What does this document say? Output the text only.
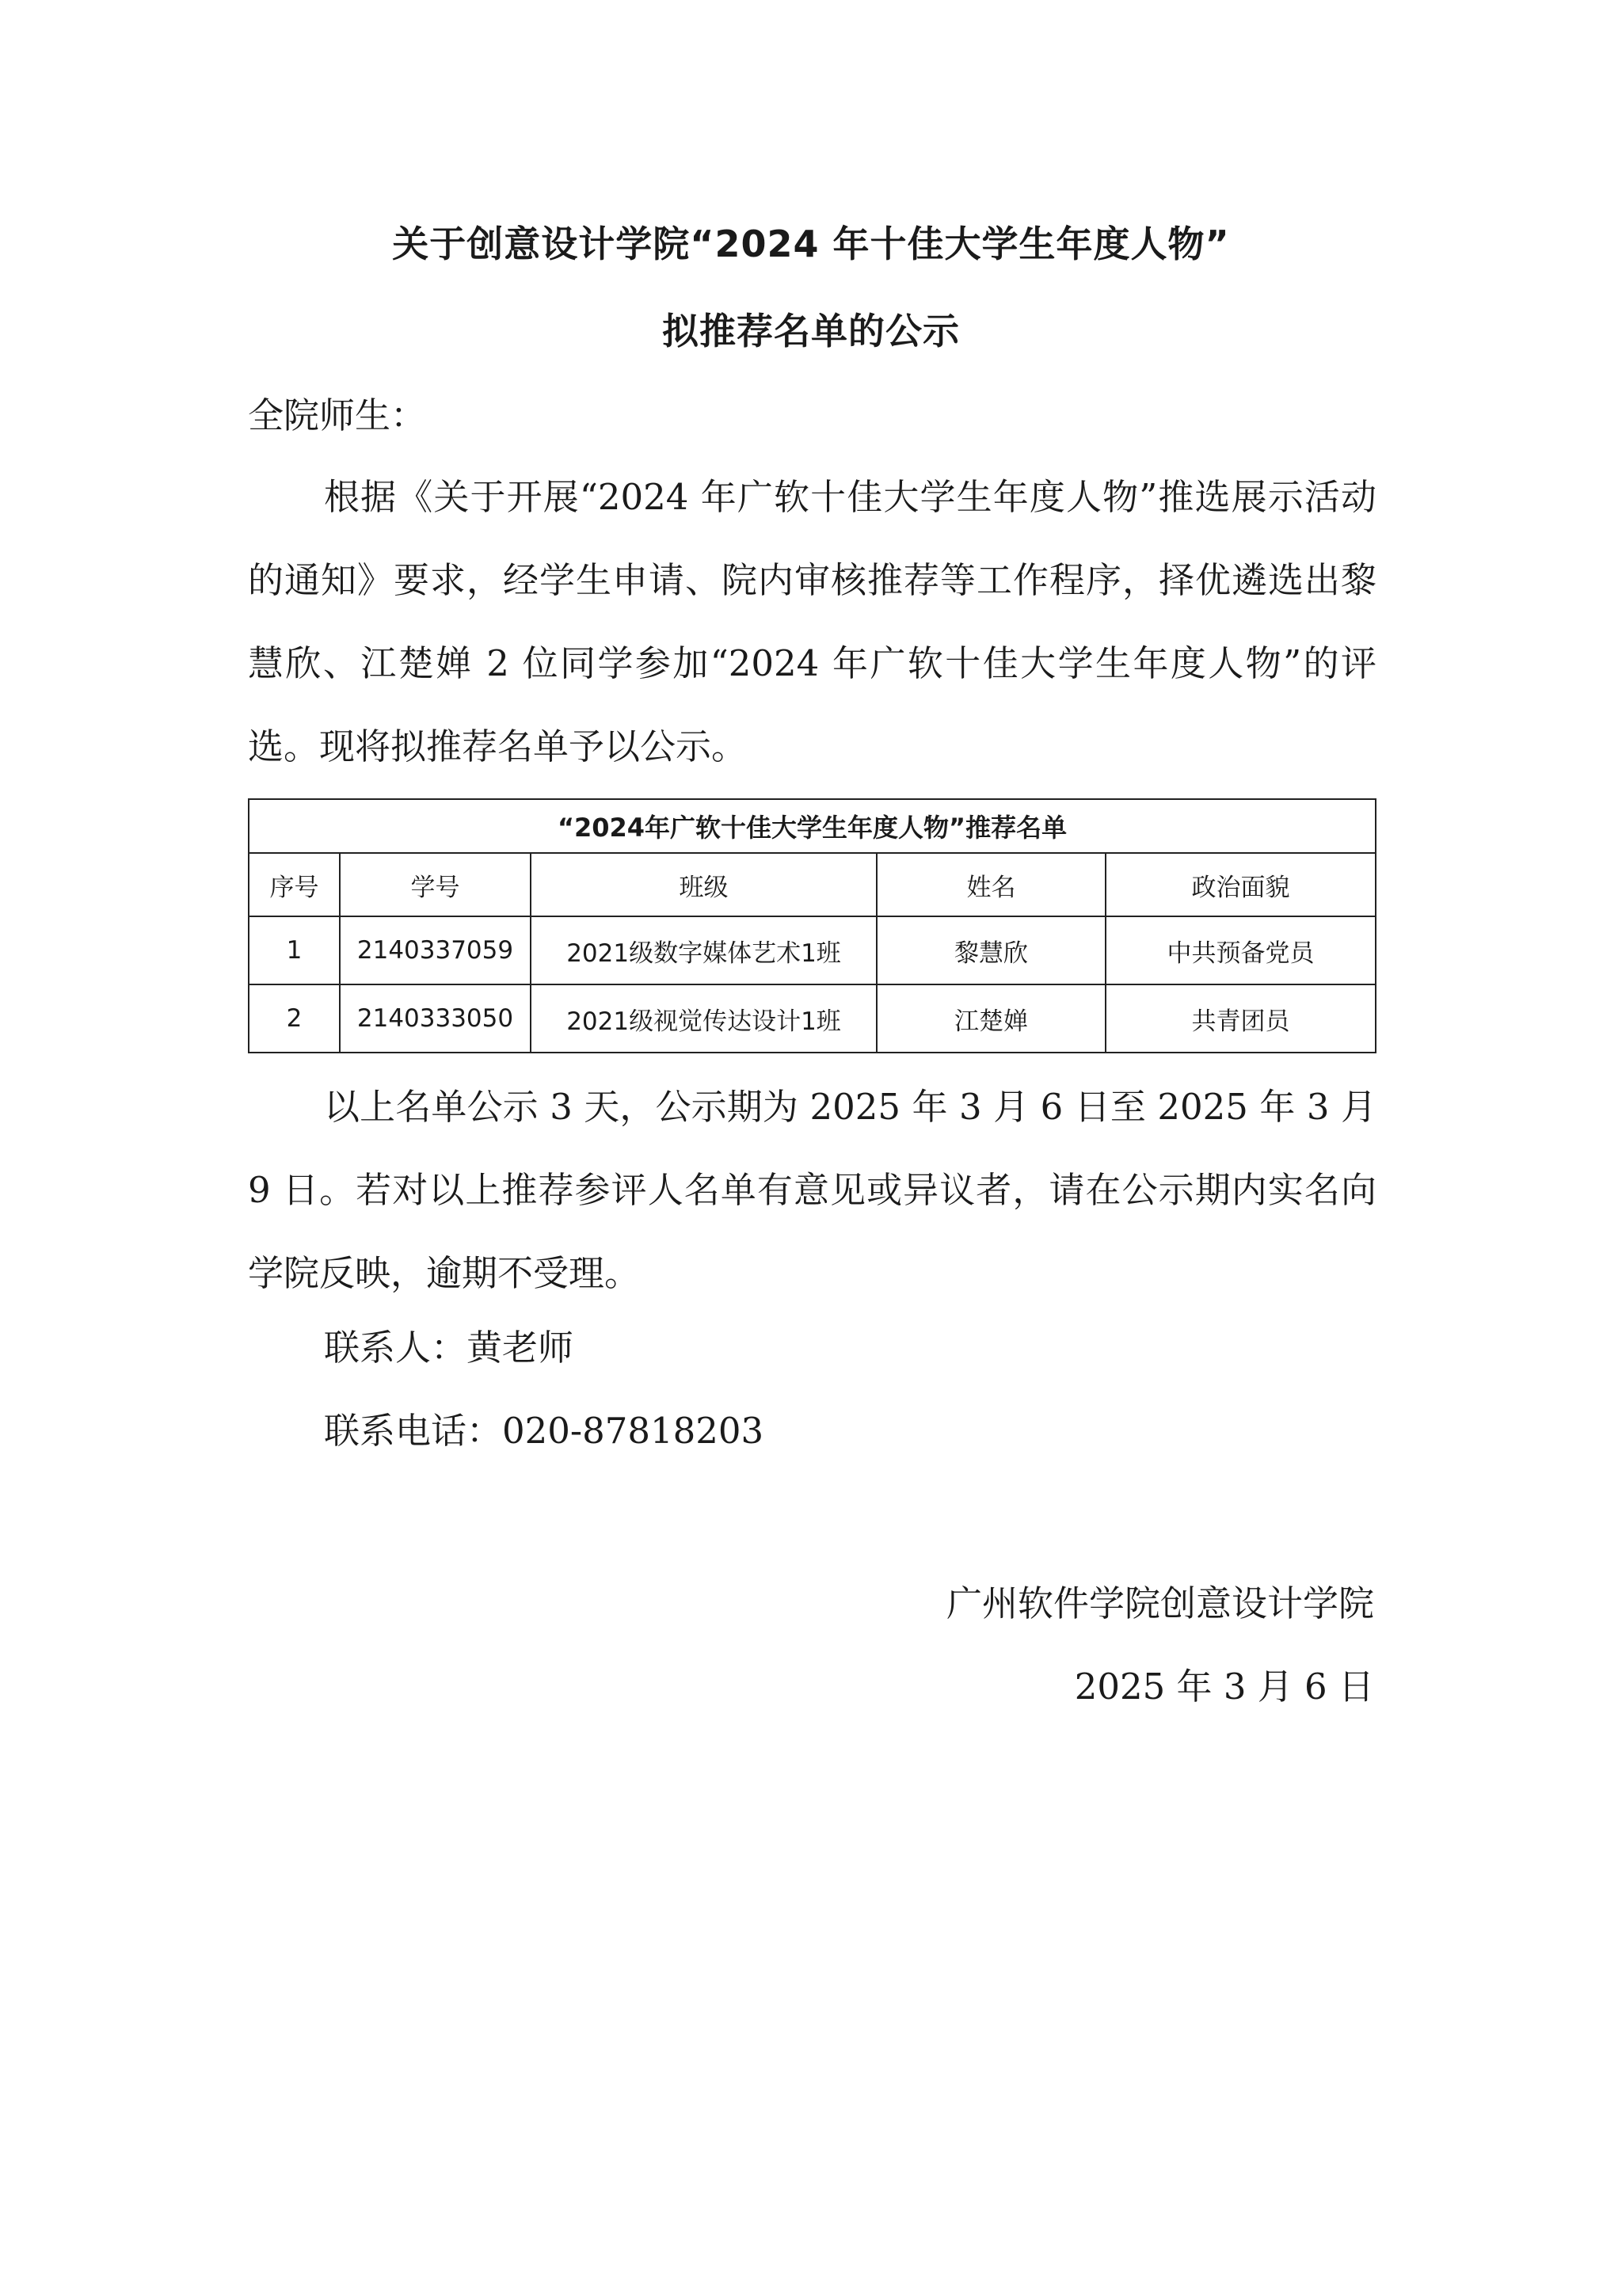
关于创意设计学院“2024 年十佳大学生年度人物”
拟推荐名单的公示

全院师生：

根据《关于开展“2024 年广软十佳大学生年度人物”推选展示活动的通知》要求，经学生申请、院内审核推荐等工作程序，择优遴选出黎慧欣、江楚婵 2 位同学参加“2024 年广软十佳大学生年度人物”的评选。现将拟推荐名单予以公示。

“2024年广软十佳大学生年度人物”推荐名单				
序号	学号	班级	姓名	政治面貌
1	2140337059	2021级数字媒体艺术1班	黎慧欣	中共预备党员
2	2140333050	2021级视觉传达设计1班	江楚婵	共青团员

以上名单公示 3 天，公示期为 2025 年 3 月 6 日至 2025 年 3 月 9 日。若对以上推荐参评人名单有意见或异议者，请在公示期内实名向学院反映，逾期不受理。

联系人：黄老师

联系电话：020-87818203

广州软件学院创意设计学院

2025 年 3 月 6 日
